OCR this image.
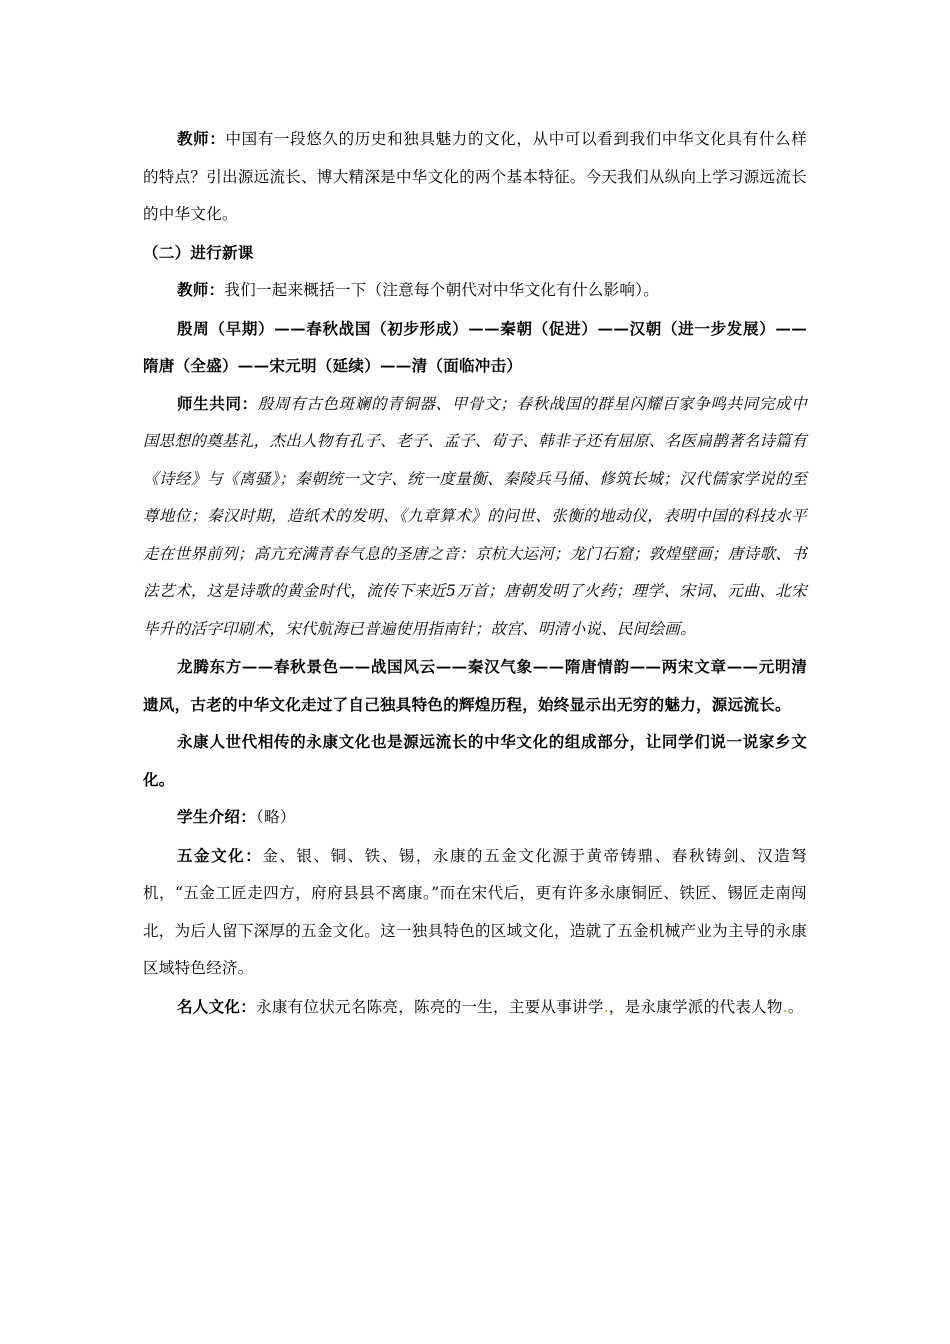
教师：中国有一段悠久的历史和独具魅力的文化，从中可以看到我们中华文化具有什么样的特点？引出源远流长、博大精深是中华文化的两个基本特征。今天我们从纵向上学习源远流长的中华文化。

（二）进行新课

教师：我们一起来概括一下（注意每个朝代对中华文化有什么影响）。

殷周（早期）——春秋战国（初步形成）——秦朝（促进）——汉朝（进一步发展）——隋唐（全盛）——宋元明（延续）——清（面临冲击）

师生共同：殷周有古色斑斓的青铜器、甲骨文；春秋战国的群星闪耀百家争鸣共同完成中国思想的奠基礼，杰出人物有孔子、老子、孟子、荀子、韩非子还有屈原、名医扁鹊著名诗篇有《诗经》与《离骚》；秦朝统一文字、统一度量衡、秦陵兵马俑、修筑长城；汉代儒家学说的至尊地位；秦汉时期，造纸术的发明、《九章算术》的问世、张衡的地动仪，表明中国的科技水平走在世界前列；高亢充满青春气息的圣唐之音：京杭大运河；龙门石窟；敦煌壁画；唐诗歌、书法艺术，这是诗歌的黄金时代，流传下来近5万首；唐朝发明了火药；理学、宋词、元曲、北宋毕升的活字印刷术，宋代航海已普遍使用指南针；故宫、明清小说、民间绘画。

龙腾东方——春秋景色——战国风云——秦汉气象——隋唐情韵——两宋文章——元明清遗风，古老的中华文化走过了自己独具特色的辉煌历程，始终显示出无穷的魅力，源远流长。

永康人世代相传的永康文化也是源远流长的中华文化的组成部分，让同学们说一说家乡文化。

学生介绍：（略）

五金文化：金、银、铜、铁、锡，永康的五金文化源于黄帝铸鼎、春秋铸剑、汉造弩机，“五金工匠走四方，府府县县不离康。”而在宋代后，更有许多永康铜匠、铁匠、锡匠走南闯北，为后人留下深厚的五金文化。这一独具特色的区域文化，造就了五金机械产业为主导的永康区域特色经济。

名人文化：永康有位状元名陈亮，陈亮的一生，主要从事讲学.，是永康学派的代表人物.。
